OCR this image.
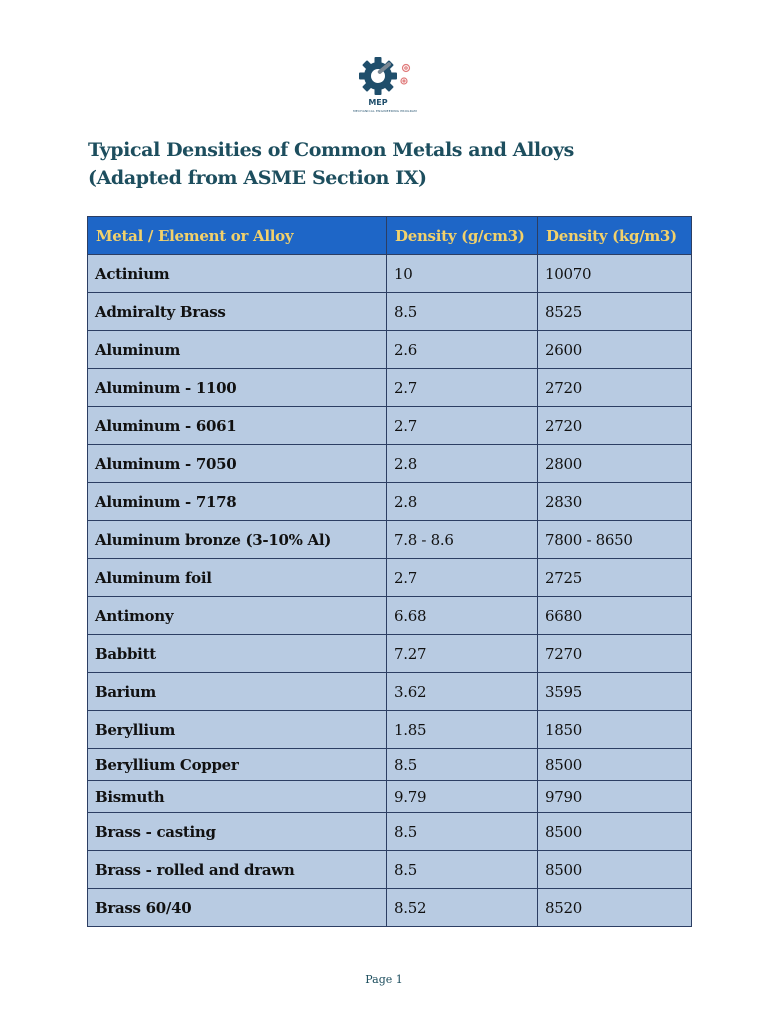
MEP
MECHANICAL ENGINEERING PROGRAM
Typical Densities of Common Metals and Alloys
(Adapted from ASME Section IX)
Metal / Element or Alloy	Density (g/cm3)	Density (kg/m3)
Actinium	10	10070
Admiralty Brass	8.5	8525
Aluminum	2.6	2600
Aluminum - 1100	2.7	2720
Aluminum - 6061	2.7	2720
Aluminum - 7050	2.8	2800
Aluminum - 7178	2.8	2830
Aluminum bronze (3-10% Al)	7.8 - 8.6	7800 - 8650
Aluminum foil	2.7	2725
Antimony	6.68	6680
Babbitt	7.27	7270
Barium	3.62	3595
Beryllium	1.85	1850
Beryllium Copper	8.5	8500
Bismuth	9.79	9790
Brass - casting	8.5	8500
Brass - rolled and drawn	8.5	8500
Brass 60/40	8.52	8520
Page 1
